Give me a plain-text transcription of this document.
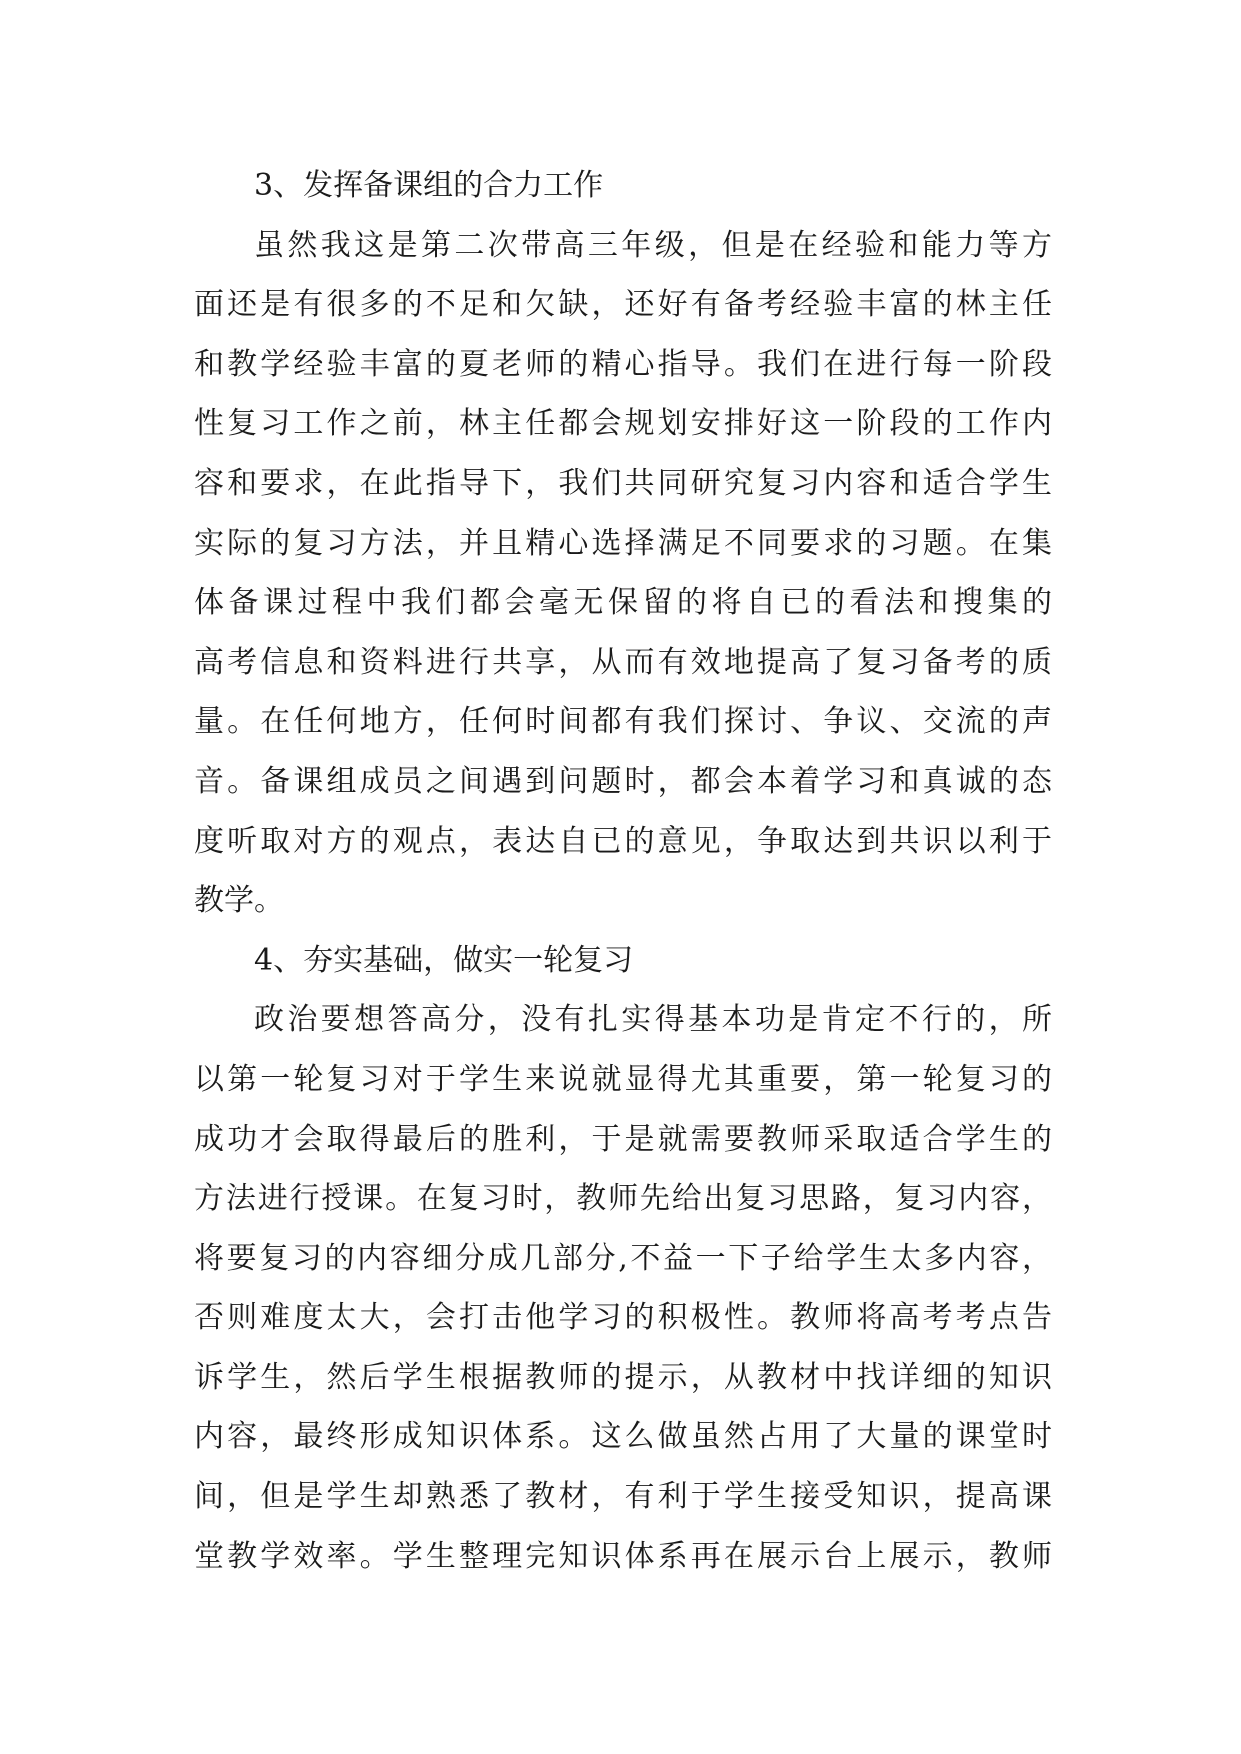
3、发挥备课组的合力工作
虽然我这是第二次带高三年级，但是在经验和能力等方
面还是有很多的不足和欠缺，还好有备考经验丰富的林主任
和教学经验丰富的夏老师的精心指导。我们在进行每一阶段
性复习工作之前，林主任都会规划安排好这一阶段的工作内
容和要求，在此指导下，我们共同研究复习内容和适合学生
实际的复习方法，并且精心选择满足不同要求的习题。在集
体备课过程中我们都会毫无保留的将自已的看法和搜集的
高考信息和资料进行共享，从而有效地提高了复习备考的质
量。在任何地方，任何时间都有我们探讨、争议、交流的声
音。备课组成员之间遇到问题时，都会本着学习和真诚的态
度听取对方的观点，表达自已的意见，争取达到共识以利于
教学。
4、夯实基础，做实一轮复习
政治要想答高分，没有扎实得基本功是肯定不行的，所
以第一轮复习对于学生来说就显得尤其重要，第一轮复习的
成功才会取得最后的胜利，于是就需要教师采取适合学生的
方法进行授课。在复习时，教师先给出复习思路，复习内容，
将要复习的内容细分成几部分,不益一下子给学生太多内容，
否则难度太大，会打击他学习的积极性。教师将高考考点告
诉学生，然后学生根据教师的提示，从教材中找详细的知识
内容，最终形成知识体系。这么做虽然占用了大量的课堂时
间，但是学生却熟悉了教材，有利于学生接受知识，提高课
堂教学效率。学生整理完知识体系再在展示台上展示，教师
